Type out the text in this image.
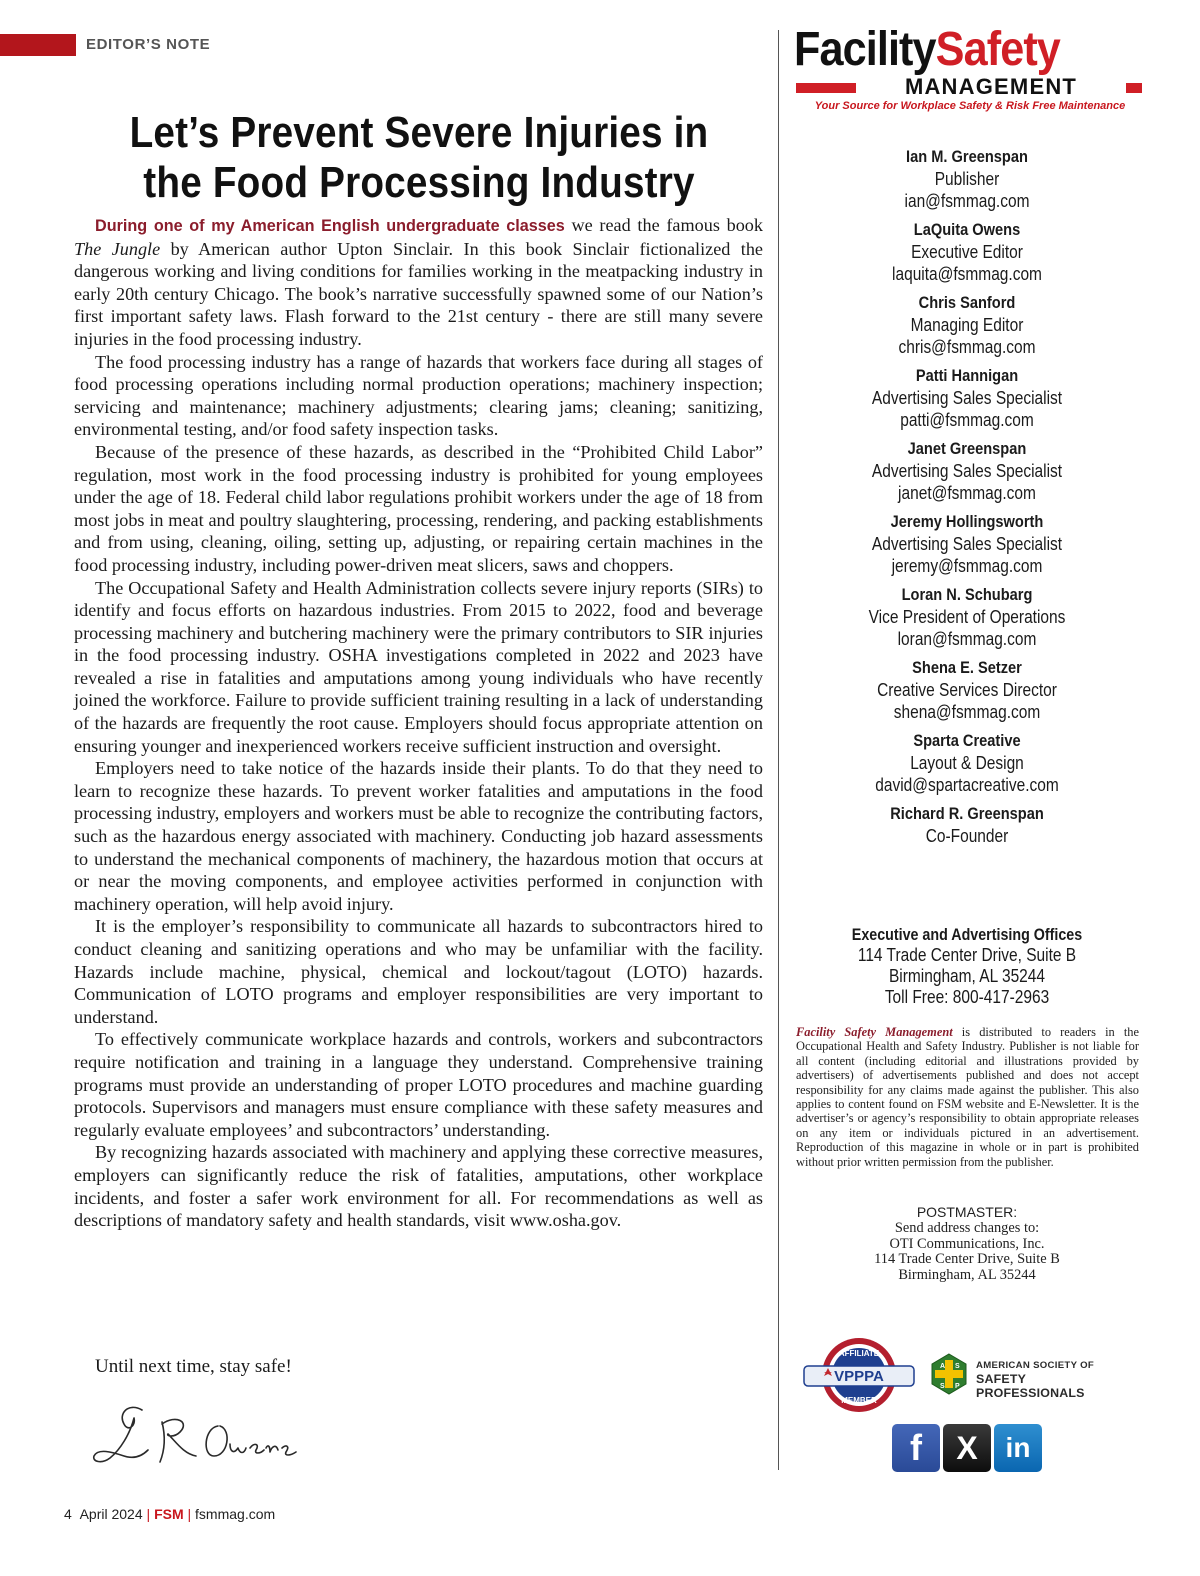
EDITOR’S NOTE
Let’s Prevent Severe Injuries in
the Food Processing Industry

During one of my American English undergraduate classes we read the famous book The Jungle by American author Upton Sinclair. In this book Sinclair fictionalized the dangerous working and living conditions for families working in the meatpacking industry in early 20th century Chicago. The book’s narrative successfully spawned some of our Nation’s first important safety laws. Flash forward to the 21st century - there are still many severe injuries in the food processing industry.

The food processing industry has a range of hazards that workers face during all stages of food processing operations including normal production operations; machinery inspection; servicing and maintenance; machinery adjustments; clearing jams; cleaning; sanitizing, environmental testing, and/or food safety inspection tasks.

Because of the presence of these hazards, as described in the “Prohibited Child Labor” regulation, most work in the food processing industry is prohibited for young employees under the age of 18. Federal child labor regulations prohibit workers under the age of 18 from most jobs in meat and poultry slaughtering, processing, rendering, and packing establishments and from using, cleaning, oiling, setting up, adjusting, or repairing certain machines in the food processing industry, including power-driven meat slicers, saws and choppers.

The Occupational Safety and Health Administration collects severe injury reports (SIRs) to identify and focus efforts on hazardous industries. From 2015 to 2022, food and beverage processing machinery and butchering machinery were the primary contributors to SIR injuries in the food processing industry. OSHA investigations completed in 2022 and 2023 have revealed a rise in fatalities and amputations among young individuals who have recently joined the workforce. Failure to provide sufficient training resulting in a lack of understanding of the hazards are frequently the root cause. Employers should focus appropriate attention on ensuring younger and inexperienced workers receive sufficient instruction and oversight.

Employers need to take notice of the hazards inside their plants. To do that they need to learn to recognize these hazards. To prevent worker fatalities and amputations in the food processing industry, employers and workers must be able to recognize the contributing factors, such as the hazardous energy associated with machinery. Conducting job hazard assessments to understand the mechanical components of machinery, the hazardous motion that occurs at or near the moving components, and employee activities performed in conjunction with machinery operation, will help avoid injury.

It is the employer’s responsibility to communicate all hazards to subcontractors hired to conduct cleaning and sanitizing operations and who may be unfamiliar with the facility. Hazards include machine, physical, chemical and lockout/tagout (LOTO) hazards. Communication of LOTO programs and employer responsibilities are very important to understand.

To effectively communicate workplace hazards and controls, workers and subcontractors require notification and training in a language they understand. Comprehensive training programs must provide an understanding of proper LOTO procedures and machine guarding protocols. Supervisors and managers must ensure compliance with these safety measures and regularly evaluate employees’ and subcontractors’ understanding.

By recognizing hazards associated with machinery and applying these corrective measures, employers can significantly reduce the risk of fatalities, amputations, other workplace incidents, and foster a safer work environment for all. For recommendations as well as descriptions of mandatory safety and health standards, visit www.osha.gov.

Until next time, stay safe!
4 April 2024 | FSM | fsmmag.com
FacilitySafety
MANAGEMENT
Your Source for Workplace Safety & Risk Free Maintenance
Ian M. Greenspan
Publisher
ian@fsmmag.com
LaQuita Owens
Executive Editor
laquita@fsmmag.com
Chris Sanford
Managing Editor
chris@fsmmag.com
Patti Hannigan
Advertising Sales Specialist
patti@fsmmag.com
Janet Greenspan
Advertising Sales Specialist
janet@fsmmag.com
Jeremy Hollingsworth
Advertising Sales Specialist
jeremy@fsmmag.com
Loran N. Schubarg
Vice President of Operations
loran@fsmmag.com
Shena E. Setzer
Creative Services Director
shena@fsmmag.com
Sparta Creative
Layout & Design
david@spartacreative.com
Richard R. Greenspan
Co-Founder
Executive and Advertising Offices
114 Trade Center Drive, Suite B
Birmingham, AL 35244
Toll Free: 800-417-2963
Facility Safety Management is distributed to readers in the Occupational Health and Safety Industry. Publisher is not liable for all content (including editorial and illustrations provided by advertisers) of advertisements published and does not accept responsibility for any claims made against the publisher. This also applies to content found on FSM website and E-Newsletter. It is the advertiser’s or agency’s responsibility to obtain appropriate releases on any item or individuals pictured in an advertisement. Reproduction of this magazine in whole or in part is prohibited without prior written permission from the publisher.
POSTMASTER:
Send address changes to:
OTI Communications, Inc.
114 Trade Center Drive, Suite B
Birmingham, AL 35244
VPPPA
AFFILIATE
MEMBER
A S
S P
AMERICAN SOCIETY OF
SAFETY PROFESSIONALS
f	X in
